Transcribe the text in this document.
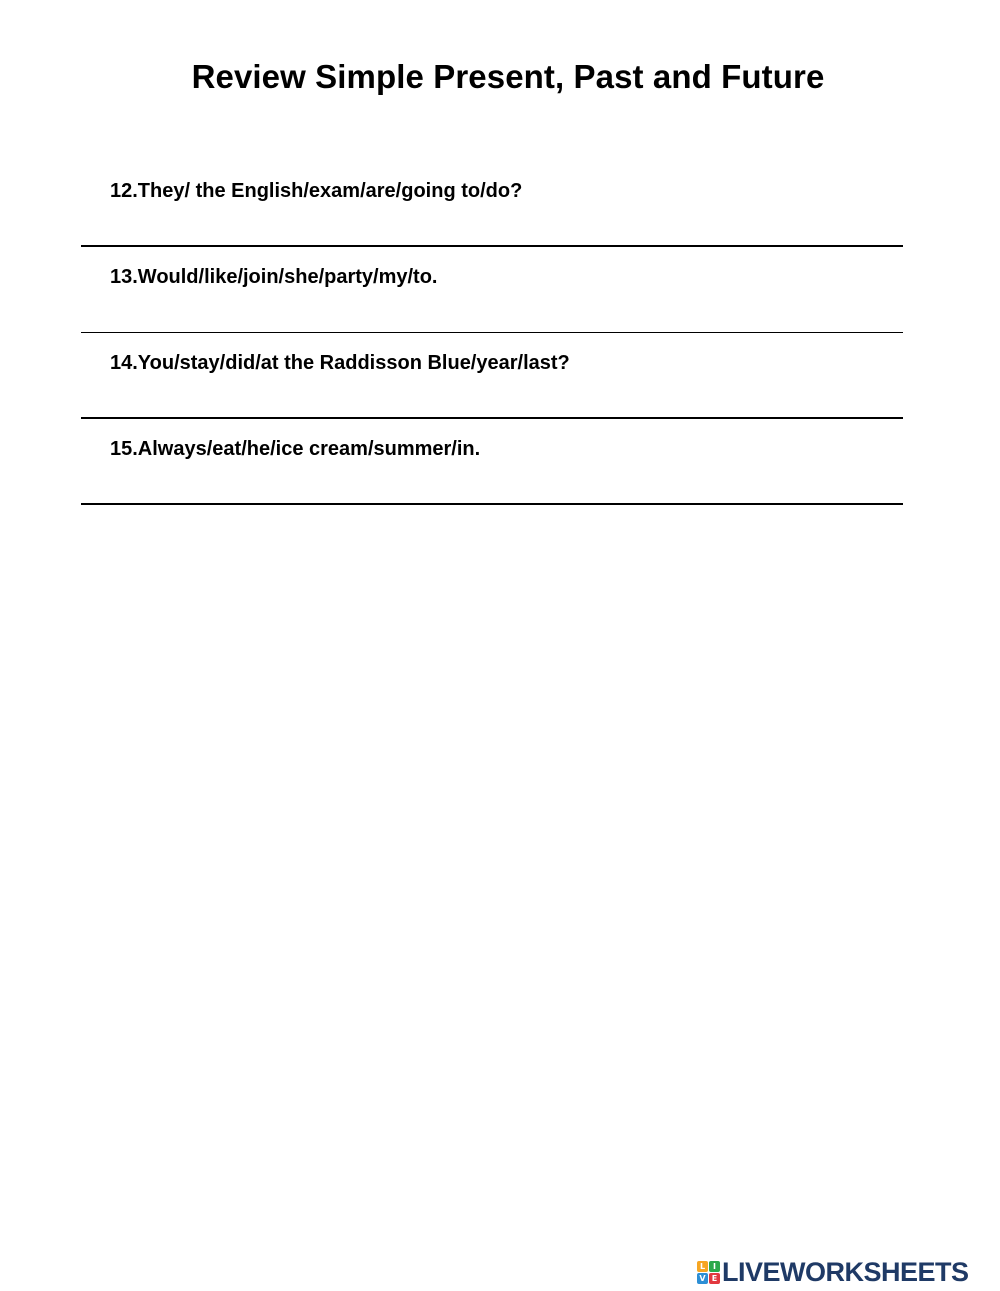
Review Simple Present, Past and Future

12.They/ the English/exam/are/going to/do?

13.Would/like/join/she/party/my/to.

14.You/stay/did/at the Raddisson Blue/year/last?

15.Always/eat/he/ice cream/summer/in.

L I
V E LIVEWORKSHEETS
